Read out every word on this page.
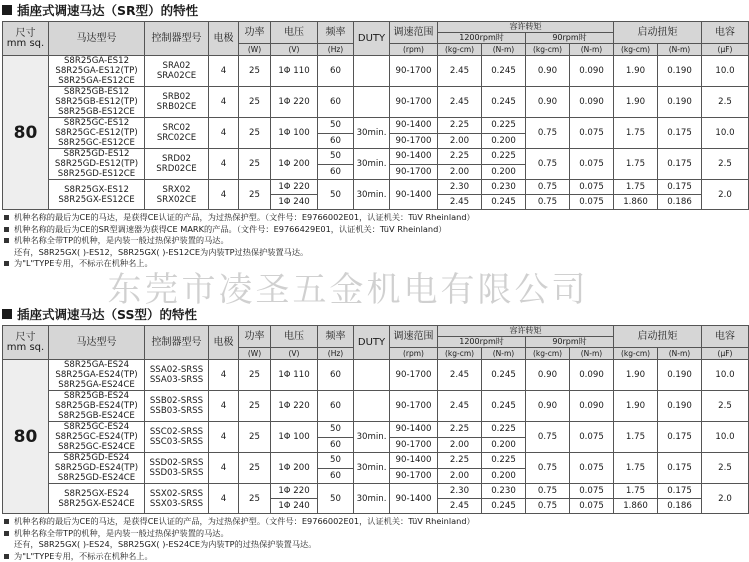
插座式调速马达（SR型）的特性
尺寸
mm sq.	马达型号	控制器型号	电极	功率	电压	频率	DUTY	调速范围	容许转矩				启动扭矩		电容
									1200rpm时		90rpm时				
				(W)	(V)	(Hz)		(rpm)	(kg-cm)	(N-m)	(kg-cm)	(N-m)	(kg-cm)	(N-m)	(μF)
80	S8R25GA-ES12
S8R25GA-ES12(TP)
S8R25GA-ES12CE	SRA02
SRA02CE	4	25	1Φ 110	60		90-1700	2.45	0.245	0.90	0.090	1.90	0.190	10.0

	S8R25GB-ES12
S8R25GB-ES12(TP)
S8R25GB-ES12CE	SRB02
SRB02CE	4	25	1Φ 220	60		90-1700	2.45	0.245	0.90	0.090	1.90	0.190	2.5

	S8R25GC-ES12
S8R25GC-ES12(TP)
S8R25GC-ES12CE	SRC02
SRC02CE	4	25	1Φ 100	50	30min.	90-1400	2.25	0.225	0.75	0.075	1.75	0.175	10.0
						60		90-1700	2.00	0.200					

	S8R25GD-ES12
S8R25GD-ES12(TP)
S8R25GD-ES12CE	SRD02
SRD02CE	4	25	1Φ 200	50	30min.	90-1400	2.25	0.225	0.75	0.075	1.75	0.175	2.5
						60		90-1700	2.00	0.200					

	S8R25GX-ES12
S8R25GX-ES12CE	SRX02
SRX02CE	4	25	1Φ 220	50	30min.	90-1400	2.30	0.230	0.75	0.075	1.75	0.175	2.0
					1Φ 240				2.45	0.245	0.75	0.075	1.860	0.186	
机种名称的最后为CE的马达，是获得CE认证的产品，为过热保护型。（文件号：E9766002E01，认证机关：TüV Rheinland）
机种名称的最后为CE的SR型调速器为获得CE MARK的产品。（文件号：E9766429E01，认证机关：TüV Rheinland）
机种名称全带TP的机种，是内装一般过热保护装置的马达。
还有，S8R25GX( )-ES12，S8R25GX( )-ES12CE为内装TP过热保护装置马达。
为"L"TYPE专用，不标示在机种名上。
东莞市凌圣五金机电有限公司
插座式调速马达（SS型）的特性
尺寸
mm sq.	马达型号	控制器型号	电极	功率	电压	频率	DUTY	调速范围	容许转矩				启动扭矩		电容
									1200rpm时		90rpm时				
				(W)	(V)	(Hz)		(rpm)	(kg-cm)	(N-m)	(kg-cm)	(N-m)	(kg-cm)	(N-m)	(μF)
80	S8R25GA-ES24
S8R25GA-ES24(TP)
S8R25GA-ES24CE	SSA02-SRSS
SSA03-SRSS	4	25	1Φ 110	60		90-1700	2.45	0.245	0.90	0.090	1.90	0.190	10.0

	S8R25GB-ES24
S8R25GB-ES24(TP)
S8R25GB-ES24CE	SSB02-SRSS
SSB03-SRSS	4	25	1Φ 220	60		90-1700	2.45	0.245	0.90	0.090	1.90	0.190	2.5

	S8R25GC-ES24
S8R25GC-ES24(TP)
S8R25GC-ES24CE	SSC02-SRSS
SSC03-SRSS	4	25	1Φ 100	50	30min.	90-1400	2.25	0.225	0.75	0.075	1.75	0.175	10.0
						60		90-1700	2.00	0.200					

	S8R25GD-ES24
S8R25GD-ES24(TP)
S8R25GD-ES24CE	SSD02-SRSS
SSD03-SRSS	4	25	1Φ 200	50	30min.	90-1400	2.25	0.225	0.75	0.075	1.75	0.175	2.5
						60		90-1700	2.00	0.200					

	S8R25GX-ES24
S8R25GX-ES24CE	SSX02-SRSS
SSX03-SRSS	4	25	1Φ 220	50	30min.	90-1400	2.30	0.230	0.75	0.075	1.75	0.175	2.0
					1Φ 240				2.45	0.245	0.75	0.075	1.860	0.186	
机种名称的最后为CE的马达，是获得CE认证的产品，为过热保护型。（文件号：E9766002E01，认证机关：TüV Rheinland）
机种名称全带TP的机种，是内装一般过热保护装置的马达。
还有，S8R25GX( )-ES24，S8R25GX( )-ES24CE为内装TP的过热保护装置马达。
为"L"TYPE专用，不标示在机种名上。
